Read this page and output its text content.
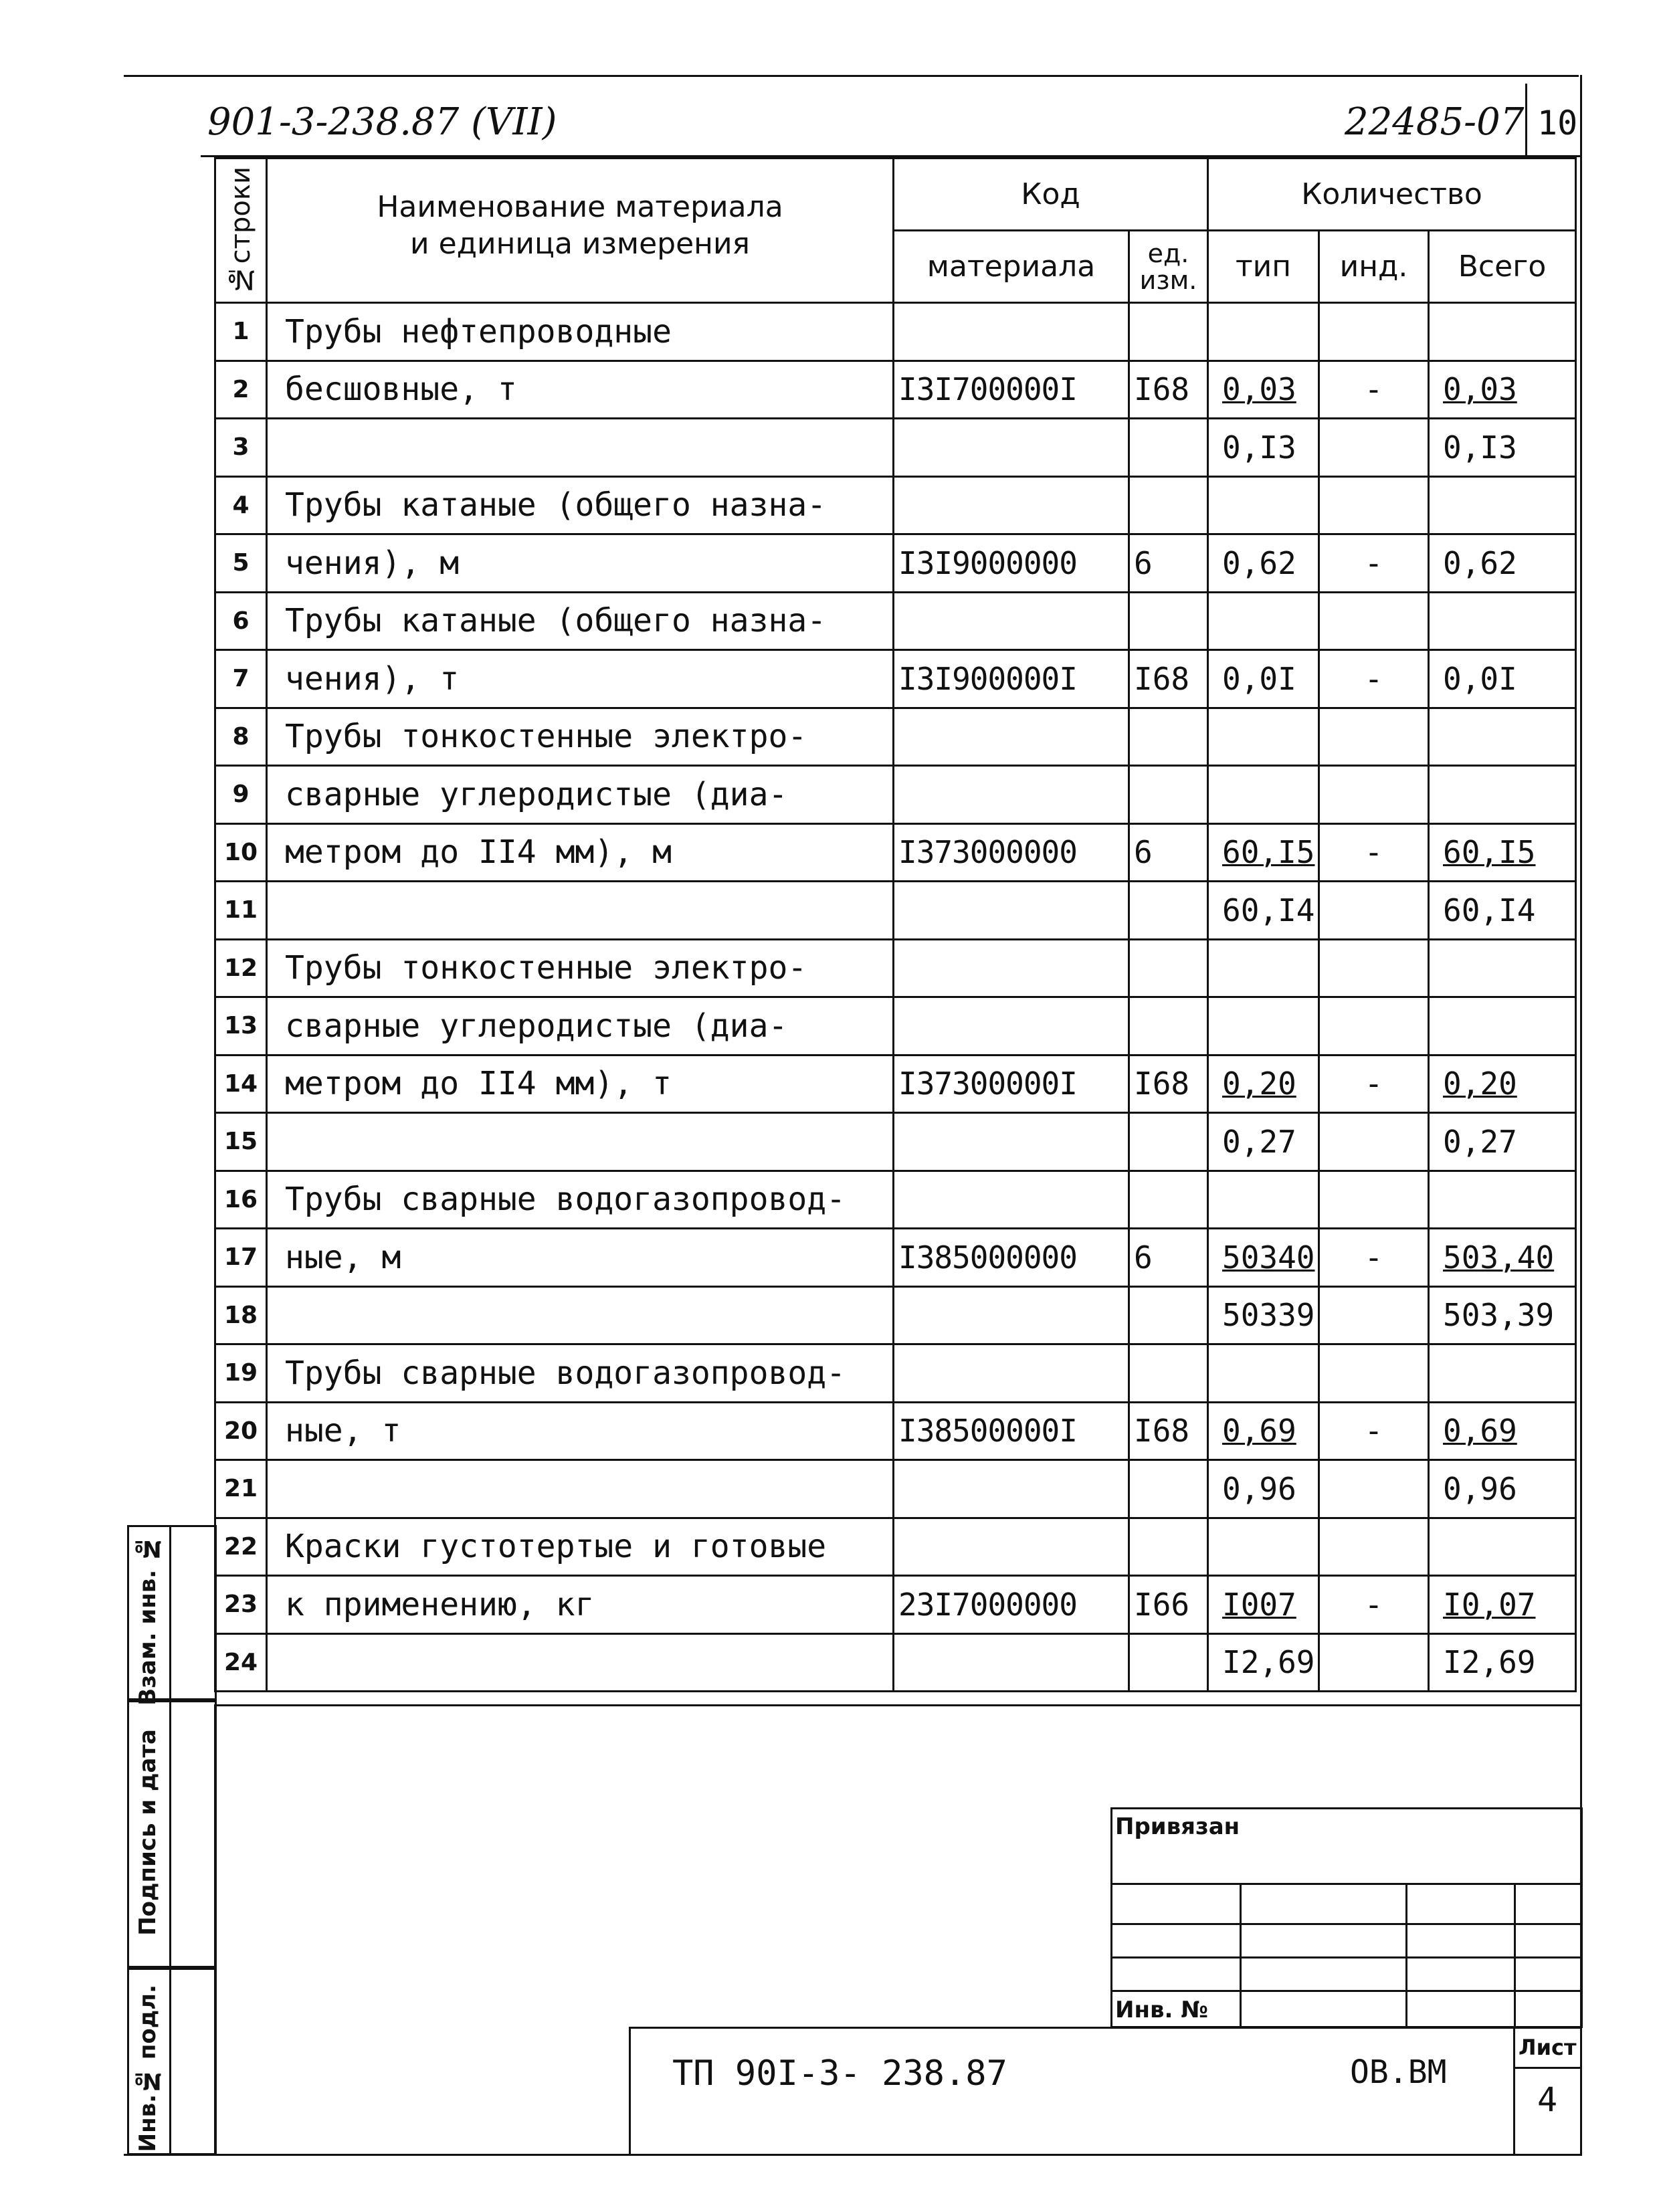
901-3-238.87 (VII)	22485-07 10
№строки	Наименование материала
и единица измерения	Код		Количество		
		материала	ед. изм.	тип	инд.	Всего
1	Трубы нефтепроводные					
2	бесшовные, т	I3I700000I	I68	0,03	-	0,03
3				0,I3		0,I3
4	Трубы катаные (общего назна-					
5	чения), м	I3I9000000	6	0,62	-	0,62
6	Трубы катаные (общего назна-					
7	чения), т	I3I900000I	I68	0,0I	-	0,0I
8	Трубы тонкостенные электро-					
9	сварные углеродистые (диа-					
10	метром до II4 мм), м	I373000000	6	60,I5	-	60,I5
11				60,I4		60,I4
12	Трубы тонкостенные электро-					
13	сварные углеродистые (диа-					
14	метром до II4 мм), т	I37300000I	I68	0,20	-	0,20
15				0,27		0,27
16	Трубы сварные водогазопровод-					
17	ные, м	I385000000	6	50340	-	503,40
18				50339		503,39
19	Трубы сварные водогазопровод-					
20	ные, т	I38500000I	I68	0,69	-	0,69
21				0,96		0,96
22	Краски густотертые и готовые					
23	к применению, кг	23I7000000	I66	I007	-	I0,07
24				I2,69		I2,69
Взам. инв. №
Подпись и дата
Инв.№ подл.
Привязан
Инв. №
ТП 90I-3- 238.87	ОВ.ВМ
Лист
4
